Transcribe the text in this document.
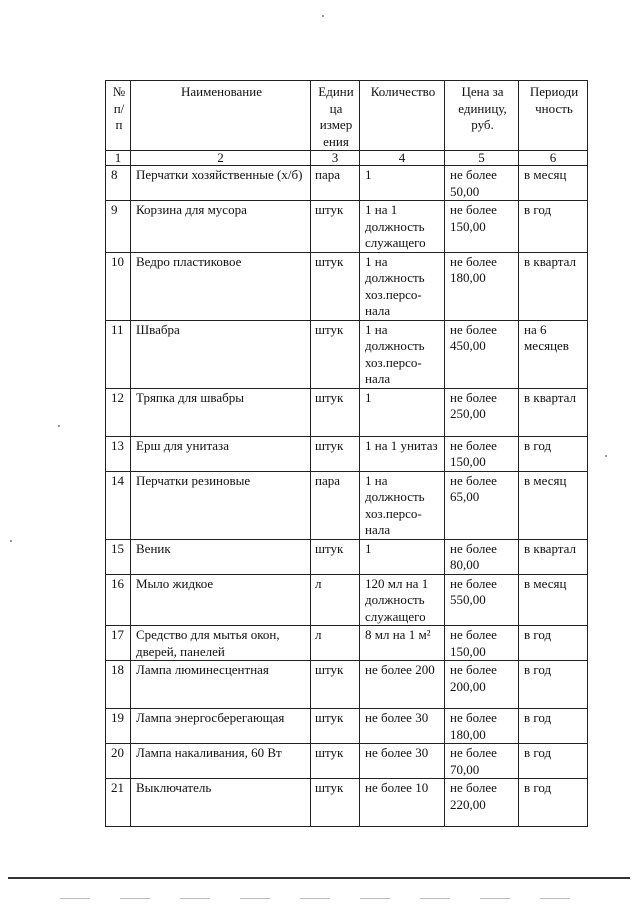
№ п/п	Наименование	Едини ца измер ения	Количество	Цена за единицу, руб.	Периоди чность
1	2	3	4	5	6
8	Перчатки хозяйственные (х/б)	пара	1	не более 50,00	в месяц
9	Корзина для мусора	штук	1 на 1 должность служащего	не более 150,00	в год
10	Ведро пластиковое	штук	1 на должность хоз.персо-нала	не более 180,00	в квартал
11	Швабра	штук	1 на должность хоз.персо-нала	не более 450,00	на 6 месяцев
12	Тряпка для швабры	штук	1	не более 250,00	в квартал
13	Ерш для унитаза	штук	1 на 1 унитаз	не более 150,00	в год
14	Перчатки резиновые	пара	1 на должность хоз.персо-нала	не более 65,00	в месяц
15	Веник	штук	1	не более 80,00	в квартал
16	Мыло жидкое	л	120 мл на 1 должность служащего	не более 550,00	в месяц
17	Средство для мытья окон, дверей, панелей	л	8 мл на 1 м²	не более 150,00	в год
18	Лампа люминесцентная	штук	не более 200	не более 200,00	в год
19	Лампа энергосберегающая	штук	не более 30	не более 180,00	в год
20	Лампа накаливания, 60 Вт	штук	не более 30	не более 70,00	в год
21	Выключатель	штук	не более 10	не более 220,00	в год
